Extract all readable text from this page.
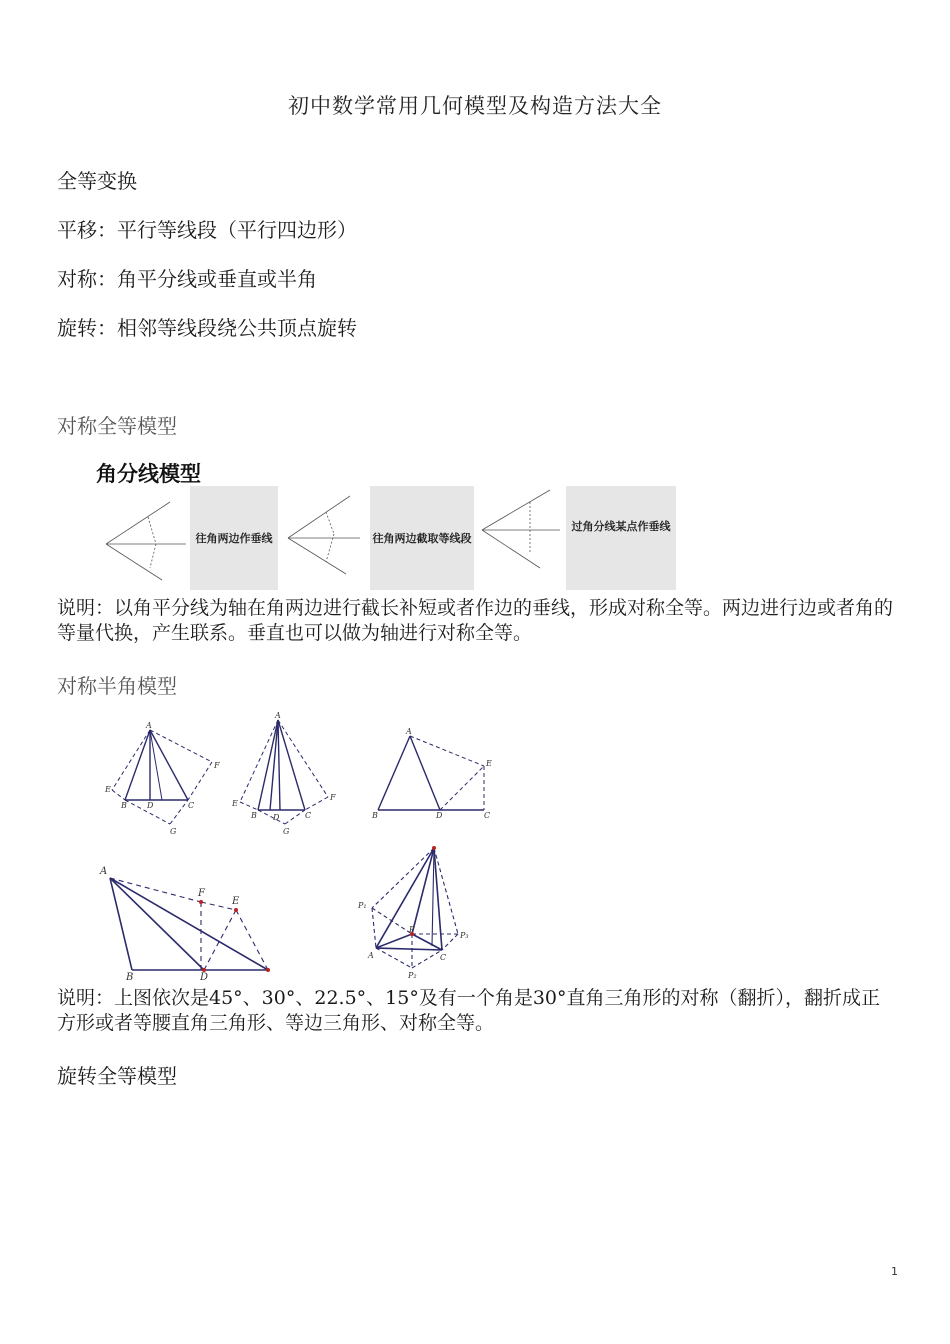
初中数学常用几何模型及构造方法大全
全等变换
平移：平行等线段（平行四边形）
对称：角平分线或垂直或半角
旋转：相邻等线段绕公共顶点旋转
对称全等模型
角分线模型
往角两边作垂线	往角两边截取等线段
过角分线某点作垂线
说明：以角平分线为轴在角两边进行截长补短或者作边的垂线，形成对称全等。两边进行边或者角的等量代换，产生联系。垂直也可以做为轴进行对称全等。
对称半角模型
A
E
B	D	C
F
G
A
E
B D	C
F
G
A
B	D	C
E
A
F
E
B	D
P₁
P
P₃
A	C
P₂
说明：上图依次是45°、30°、22.5°、15°及有一个角是30°直角三角形的对称（翻折），翻折成正方形或者等腰直角三角形、等边三角形、对称全等。
旋转全等模型
1
